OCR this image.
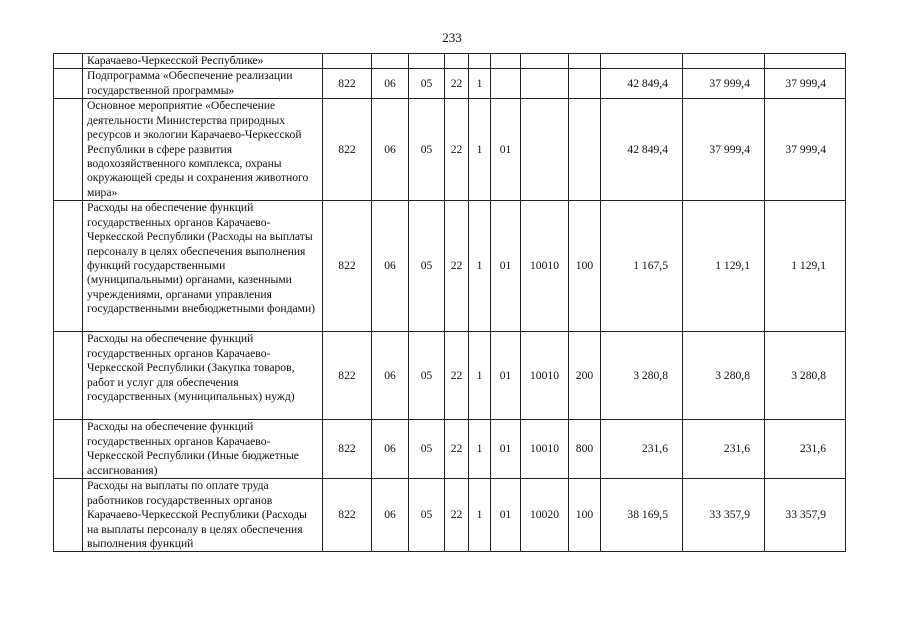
233
	Карачаево-Черкесской Республике»											
	Подпрограмма «Обеспечение реализации государственной программы»	822	06	05	22	1				42 849,4	37 999,4	37 999,4
	Основное мероприятие «Обеспечение деятельности Министерства природных ресурсов и экологии Карачаево-Черкесской Республики в сфере развития водохозяйственного комплекса, охраны окружающей среды и сохранения животного мира»	822	06	05	22	1	01			42 849,4	37 999,4	37 999,4
	Расходы на обеспечение функций государственных органов Карачаево-Черкесской Республики (Расходы на выплаты персоналу в целях обеспечения выполнения функций государственными (муниципальными) органами, казенными учреждениями, органами управления государственными внебюджетными фондами)	822	06	05	22	1	01	10010	100	1 167,5	1 129,1	1 129,1
	Расходы на обеспечение функций государственных органов Карачаево-Черкесской Республики (Закупка товаров, работ и услуг для обеспечения государственных (муниципальных) нужд)	822	06	05	22	1	01	10010	200	3 280,8	3 280,8	3 280,8
	Расходы на обеспечение функций государственных органов Карачаево-Черкесской Республики (Иные бюджетные ассигнования)	822	06	05	22	1	01	10010	800	231,6	231,6	231,6
	Расходы на выплаты по оплате труда работников государственных органов Карачаево-Черкесской Республики (Расходы на выплаты персоналу в целях обеспечения выполнения функций	822	06	05	22	1	01	10020	100	38 169,5	33 357,9	33 357,9
